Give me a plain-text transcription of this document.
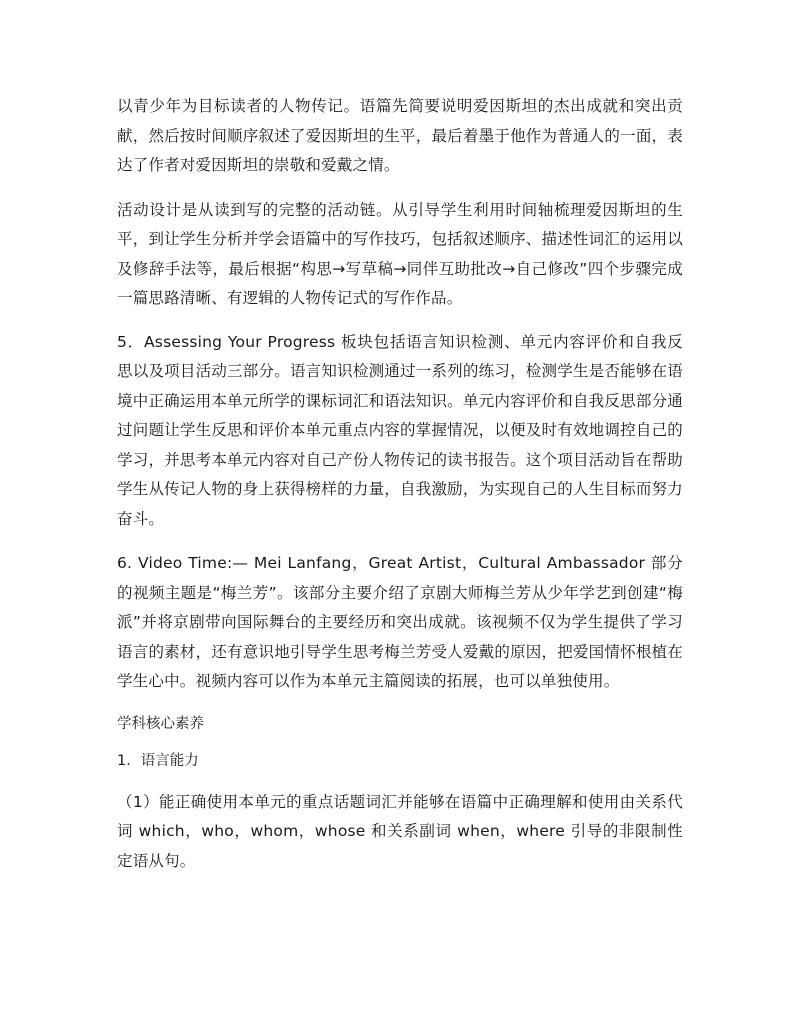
以青少年为目标读者的人物传记。语篇先简要说明爱因斯坦的杰出成就和突出贡献，然后按时间顺序叙述了爱因斯坦的生平，最后着墨于他作为普通人的一面，表达了作者对爱因斯坦的崇敬和爱戴之情。

活动设计是从读到写的完整的活动链。从引导学生利用时间轴梳理爱因斯坦的生平，到让学生分析并学会语篇中的写作技巧，包括叙述顺序、描述性词汇的运用以及修辞手法等，最后根据“构思→写草稿→同伴互助批改→自己修改”四个步骤完成一篇思路清晰、有逻辑的人物传记式的写作作品。

5．Assessing Your Progress 板块包括语言知识检测、单元内容评价和自我反思以及项目活动三部分。语言知识检测通过一系列的练习，检测学生是否能够在语境中正确运用本单元所学的课标词汇和语法知识。单元内容评价和自我反思部分通过问题让学生反思和评价本单元重点内容的掌握情况，以便及时有效地调控自己的学习，并思考本单元内容对自己产份人物传记的读书报告。这个项目活动旨在帮助学生从传记人物的身上获得榜样的力量，自我激励，为实现自己的人生目标而努力奋斗。

6. Video Time:— Mei Lanfang，Great Artist，Cultural Ambassador 部分的视频主题是“梅兰芳”。该部分主要介绍了京剧大师梅兰芳从少年学艺到创建“梅派”并将京剧带向国际舞台的主要经历和突出成就。该视频不仅为学生提供了学习语言的素材，还有意识地引导学生思考梅兰芳受人爱戴的原因，把爱国情怀根植在学生心中。视频内容可以作为本单元主篇阅读的拓展，也可以单独使用。

学科核心素养

1．语言能力

（1）能正确使用本单元的重点话题词汇并能够在语篇中正确理解和使用由关系代词 which，who，whom，whose 和关系副词 when，where 引导的非限制性定语从句。
